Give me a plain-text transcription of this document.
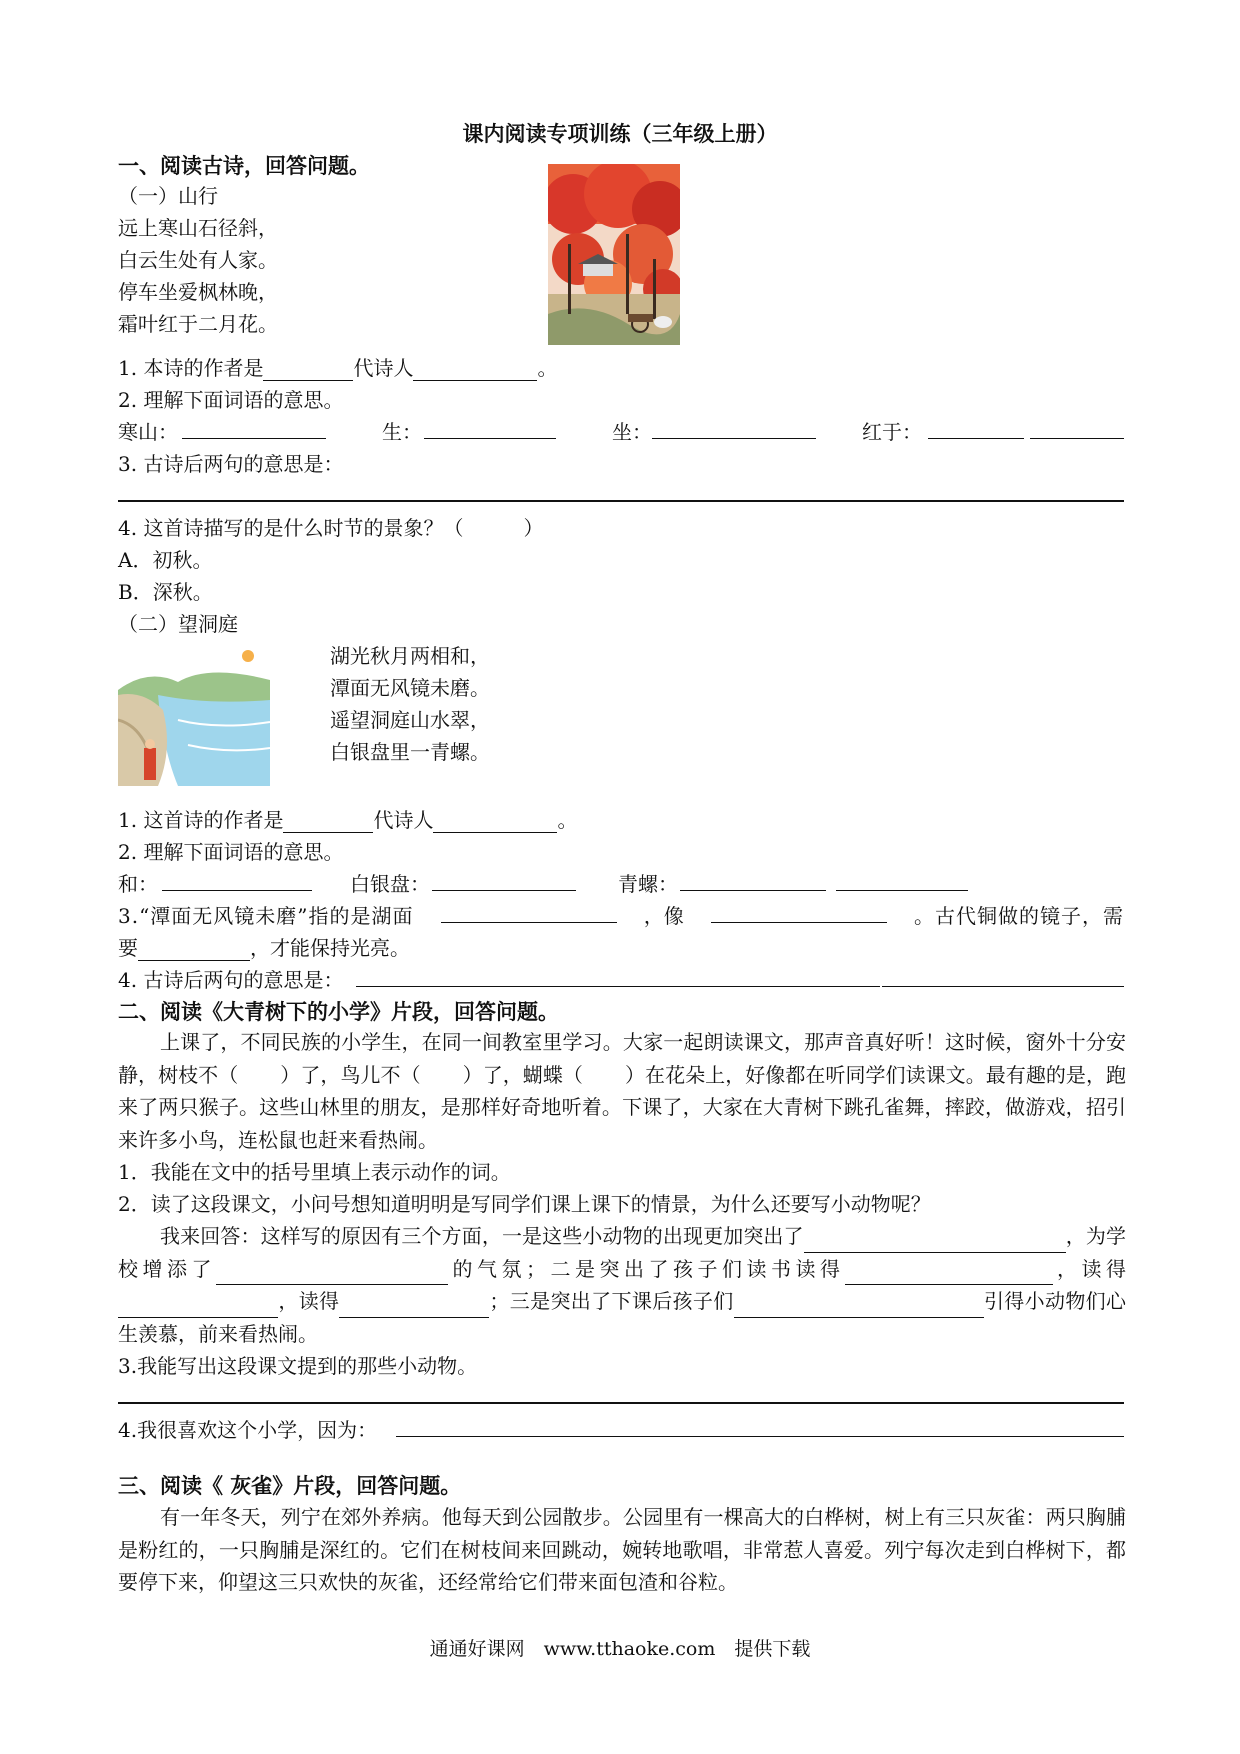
课内阅读专项训练（三年级上册）
一、阅读古诗，回答问题。
（一）山行
远上寒山石径斜，
白云生处有人家。
停车坐爱枫林晚，
霜叶红于二月花。
1. 本诗的作者是	代诗人	。
2. 理解下面词语的意思。
寒山：	生：	坐：	红于：
3. 古诗后两句的意思是：
4. 这首诗描写的是什么时节的景象？（　　　）
A．初秋。
B．深秋。
（二）望洞庭
湖光秋月两相和，
潭面无风镜未磨。
遥望洞庭山水翠，
白银盘里一青螺。
1. 这首诗的作者是	代诗人	。
2. 理解下面词语的意思。
和：	白银盘：	青螺：
3.“潭面无风镜未磨”指的是湖面	，像	。古代铜做的镜子，需
要	，才能保持光亮。
4. 古诗后两句的意思是：
二、阅读《大青树下的小学》片段，回答问题。

上课了，不同民族的小学生，在同一间教室里学习。大家一起朗读课文，那声音真好听！这时候，窗外十分安静，树枝不（ ）了，鸟儿不（ ）了，蝴蝶（ ）在花朵上，好像都在听同学们读课文。最有趣的是，跑来了两只猴子。这些山林里的朋友，是那样好奇地听着。下课了，大家在大青树下跳孔雀舞，摔跤，做游戏，招引来许多小鸟，连松鼠也赶来看热闹。

1．我能在文中的括号里填上表示动作的词。
2．读了这段课文，小问号想知道明明是写同学们课上课下的情景，为什么还要写小动物呢？

我来回答：这样写的原因有三个方面，一是这些小动物的出现更加突出了	，为学校增添了	的气氛；二是突出了孩子们读书读得	，读得，读得	；三是突出了下课后孩子们	引得小动物们心生羡慕，前来看热闹。

3.我能写出这段课文提到的那些小动物。
4.我很喜欢这个小学，因为：
三、阅读《 灰雀》片段，回答问题。

有一年冬天，列宁在郊外养病。他每天到公园散步。公园里有一棵高大的白桦树，树上有三只灰雀：两只胸脯是粉红的，一只胸脯是深红的。它们在树枝间来回跳动，婉转地歌唱，非常惹人喜爱。列宁每次走到白桦树下，都要停下来，仰望这三只欢快的灰雀，还经常给它们带来面包渣和谷粒。

通通好课网　www.tthaoke.com　提供下载
